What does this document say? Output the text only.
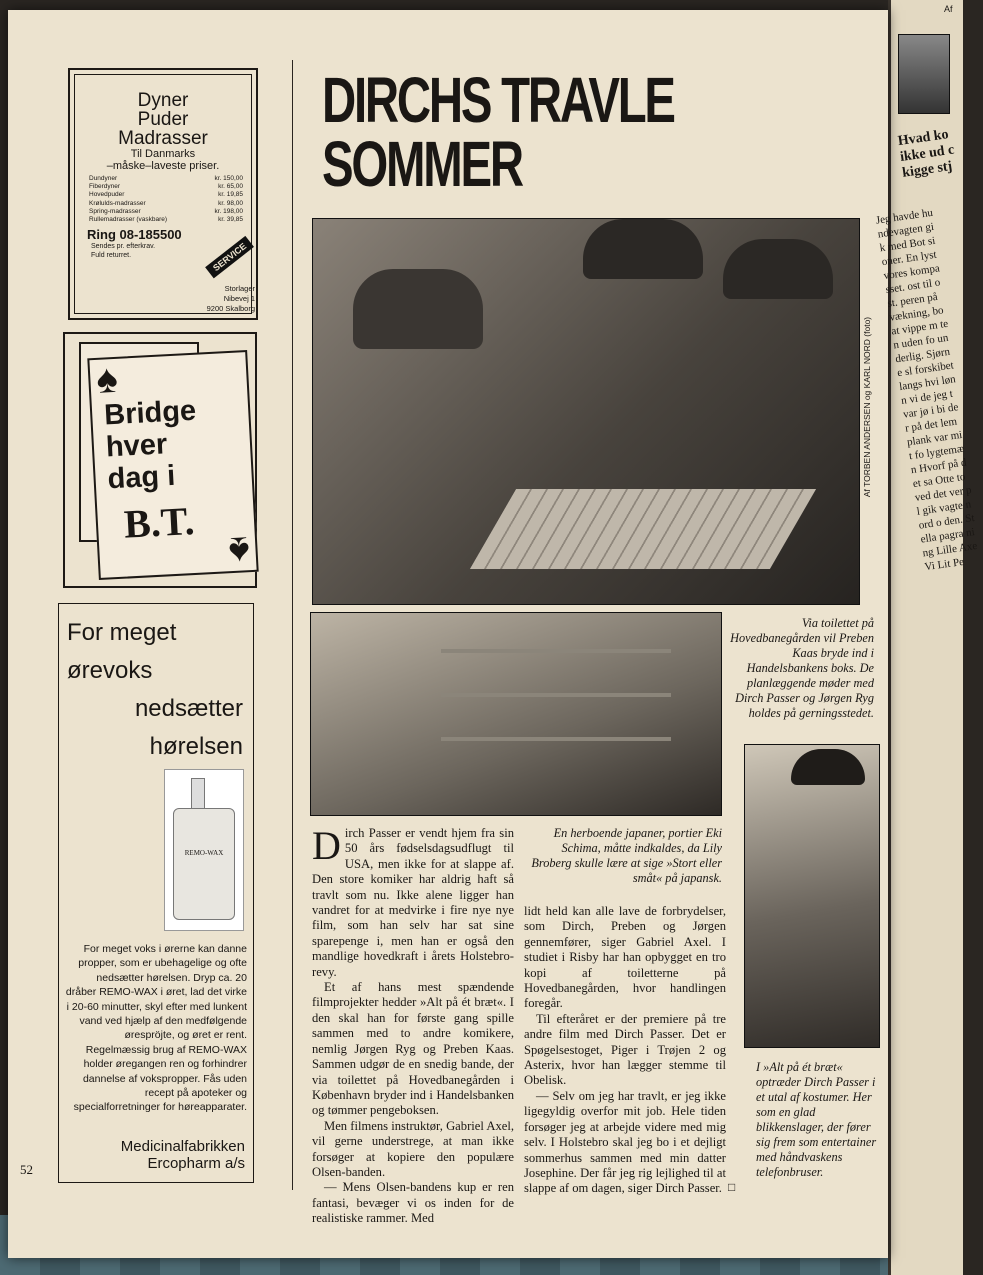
Dyner
Puder
Madrasser
Til Danmarks
–måske–laveste priser.
Dundyner	kr. 150,00
Fiberdyner	kr. 65,00
Hovedpuder	kr. 19,85
Krølulds-madrasser	kr. 98,00
Spring-madrasser	kr. 198,00
Rullemadrasser (vaskbare)	kr. 39,85
Ring 08-185500
Sendes pr. efterkrav.
Fuld returret.	SERVICE
Storlager
Nibevej 1
9200 Skalborg
♠
♠
Bridge
hver
dag i
B.T.
For meget
ørevoks
nedsætter
hørelsen
REMO-WAX
For meget voks i ørerne kan danne propper, som er ubehagelige og ofte nedsætter hørelsen. Dryp ca. 20 dråber REMO-WAX i øret, lad det virke i 20-60 minutter, skyl efter med lunkent vand ved hjælp af den medfølgende ørespröjte, og øret er rent. Regelmæssig brug af REMO-WAX holder øregangen ren og forhindrer dannelse af vokspropper. Fås uden recept på apoteker og specialforretninger for høreapparater.
Medicinalfabrikken
Ercopharm a/s
52
DIRCHS TRAVLE
SOMMER
Af TORBEN ANDERSEN og KARL NORD (foto)
Via toilettet på Hovedbanegården vil Preben Kaas bryde ind i Handelsbankens boks. De planlæggende møder med Dirch Passer og Jørgen Ryg holdes på gerningsstedet.
I »Alt på ét bræt« optræder Dirch Passer i et utal af kostumer. Her som en glad blikkenslager, der fører sig frem som entertainer med håndvaskens telefonbruser.
En herboende japaner, portier Eki Schima, måtte indkaldes, da Lily Broberg skulle lære at sige »Stort eller småt« på japansk.
D irch Passer er vendt hjem fra sin 50 års fødselsdagsudflugt til USA, men ikke for at slappe af. Den store komiker har aldrig haft så travlt som nu. Ikke alene ligger han vandret for at medvirke i fire nye nye film, som han selv har sat sine sparepenge i, men han er også den mandlige hovedkraft i årets Holstebro-revy.

Et af hans mest spændende filmprojekter hedder »Alt på ét bræt«. I den skal han for første gang spille sammen med to andre komikere, nemlig Jørgen Ryg og Preben Kaas. Sammen udgør de en snedig bande, der via toilettet på Hovedbanegården i København bryder ind i Handelsbanken og tømmer pengeboksen.

Men filmens instruktør, Gabriel Axel, vil gerne understrege, at man ikke forsøger at kopiere den populære Olsen-banden.

— Mens Olsen-bandens kup er ren fantasi, bevæger vi os inden for de realistiske rammer. Med

lidt held kan alle lave de forbrydelser, som Dirch, Preben og Jørgen gennemfører, siger Gabriel Axel. I studiet i Risby har han opbygget en tro kopi af toiletterne på Hovedbanegården, hvor handlingen foregår.

Til efteråret er der premiere på tre andre film med Dirch Passer. Det er Spøgelsestoget, Piger i Trøjen 2 og Asterix, hvor han lægger stemme til Obelisk.

— Selv om jeg har travlt, er jeg ikke ligegyldig overfor mit job. Hele tiden forsøger jeg at arbejde videre med mig selv. I Holstebro skal jeg bo i et dejligt sommerhus sammen med min datter Josephine. Der får jeg rig lejlighed til at slappe af om dagen, siger Dirch Passer. □
Af
Hvad ko ikke ud c kigge stj
Jeg havde hundevagten gik med Bot sioner. En lyst vores kompasset. ost til ost. peren på vækning, bo at vippe m ten uden fo underlig. Sjørne sl forskibet langs hvi lønn vi de jeg t var jø i bi der på det lem plank var mit fo lygtemæn Hvorf på det sa Otte to ved det ver pl gik vagte nord o den. Stella pagra ning Lille Axe Vi Lit Pe
